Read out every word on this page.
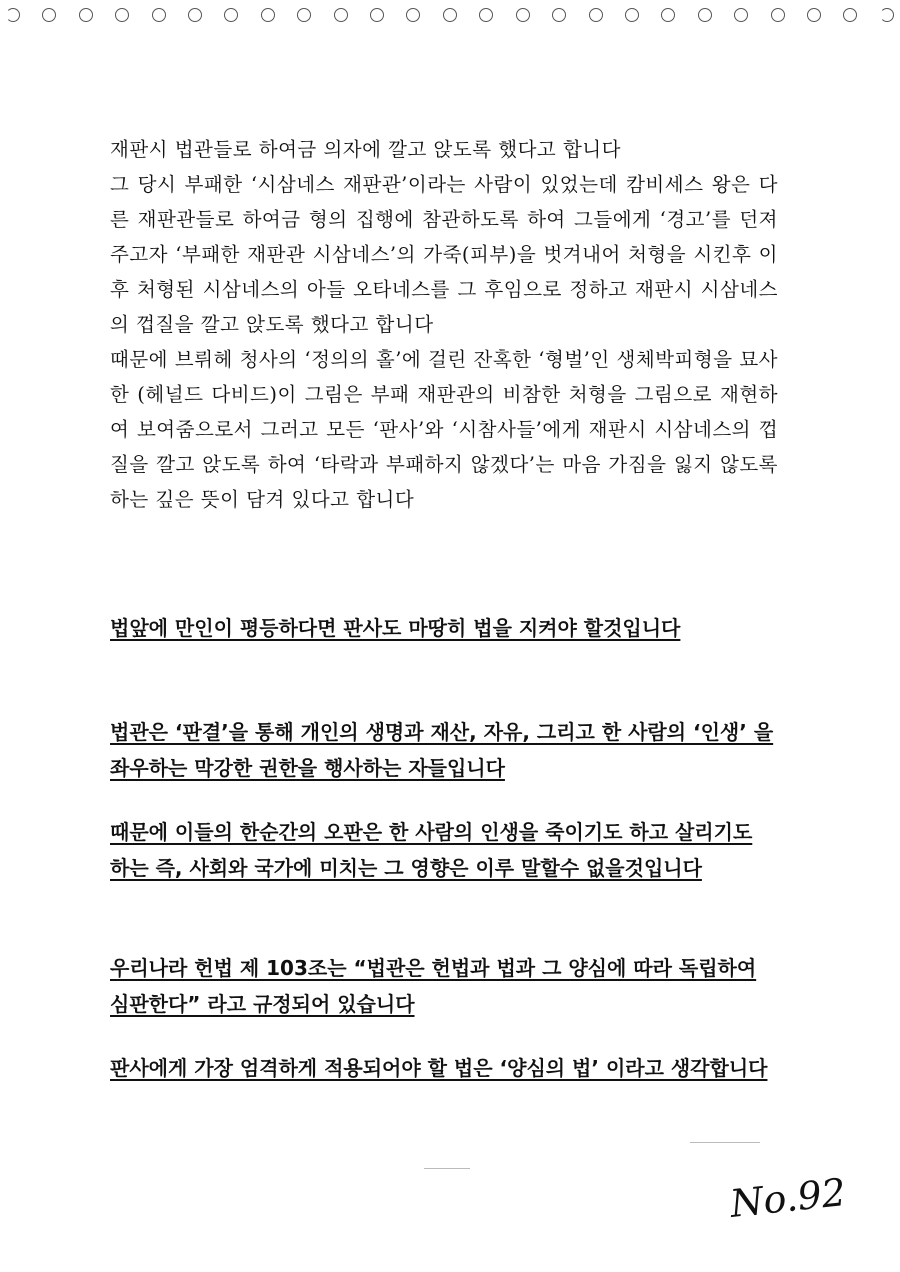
재판시 법관들로 하여금 의자에 깔고 앉도록 했다고 합니다

그 당시 부패한 ‘시삼네스 재판관’이라는 사람이 있었는데 캄비세스 왕은 다른 재판관들로 하여금 형의 집행에 참관하도록 하여 그들에게 ‘경고’를 던져주고자 ‘부패한 재판관 시삼네스’의 가죽(피부)을 벗겨내어 처형을 시킨후 이후 처형된 시삼네스의 아들 오타네스를 그 후임으로 정하고 재판시 시삼네스의 껍질을 깔고 앉도록 했다고 합니다

때문에 브뤼헤 청사의 ‘정의의 홀’에 걸린 잔혹한 ‘형벌’인 생체박피형을 묘사한 (헤널드 다비드)이 그림은 부패 재판관의 비참한 처형을 그림으로 재현하여 보여줌으로서 그러고 모든 ‘판사’와 ‘시참사들’에게 재판시 시삼네스의 껍질을 깔고 앉도록 하여 ‘타락과 부패하지 않겠다’는 마음 가짐을 잃지 않도록 하는 깊은 뜻이 담겨 있다고 합니다

법앞에 만인이 평등하다면 판사도 마땅히 법을 지켜야 할것입니다

법관은 ‘판결’을 통해 개인의 생명과 재산, 자유, 그리고 한 사람의 ‘인생’ 을 좌우하는 막강한 권한을 행사하는 자들입니다

때문에 이들의 한순간의 오판은 한 사람의 인생을 죽이기도 하고 살리기도 하는 즉, 사회와 국가에 미치는 그 영향은 이루 말할수 없을것입니다

우리나라 헌법 제 103조는 “법관은 헌법과 법과 그 양심에 따라 독립하여 심판한다” 라고 규정되어 있습니다

판사에게 가장 엄격하게 적용되어야 할 법은 ‘양심의 법’ 이라고 생각합니다

No.92
